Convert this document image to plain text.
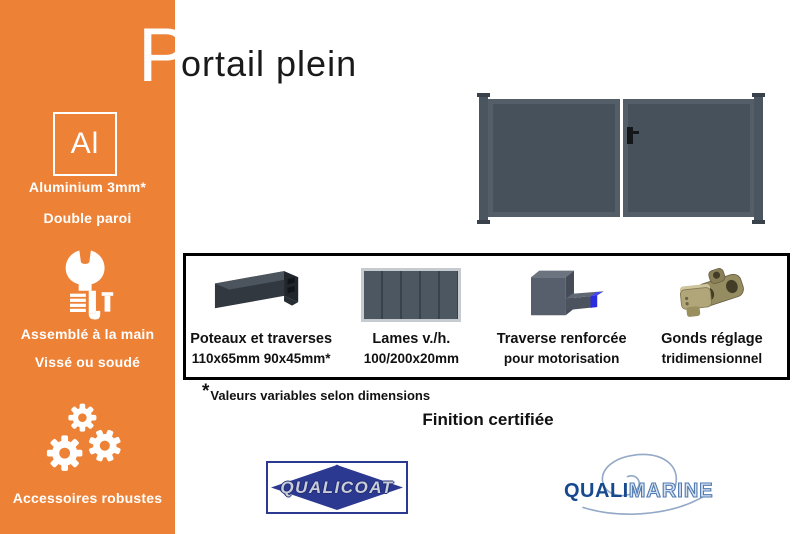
Al
Aluminium 3mm*
Double paroi
Assemblé à la main
Vissé ou soudé
Accessoires robustes
P
ortail plein
Poteaux et traverses
110x65mm 90x45mm*
Lames v./h.
100/200x20mm
Traverse renforcée
pour motorisation
Gonds réglage
tridimensionnel
*Valeurs variables selon dimensions
Finition certifiée
QUALICOAT	QUALIMARINE
